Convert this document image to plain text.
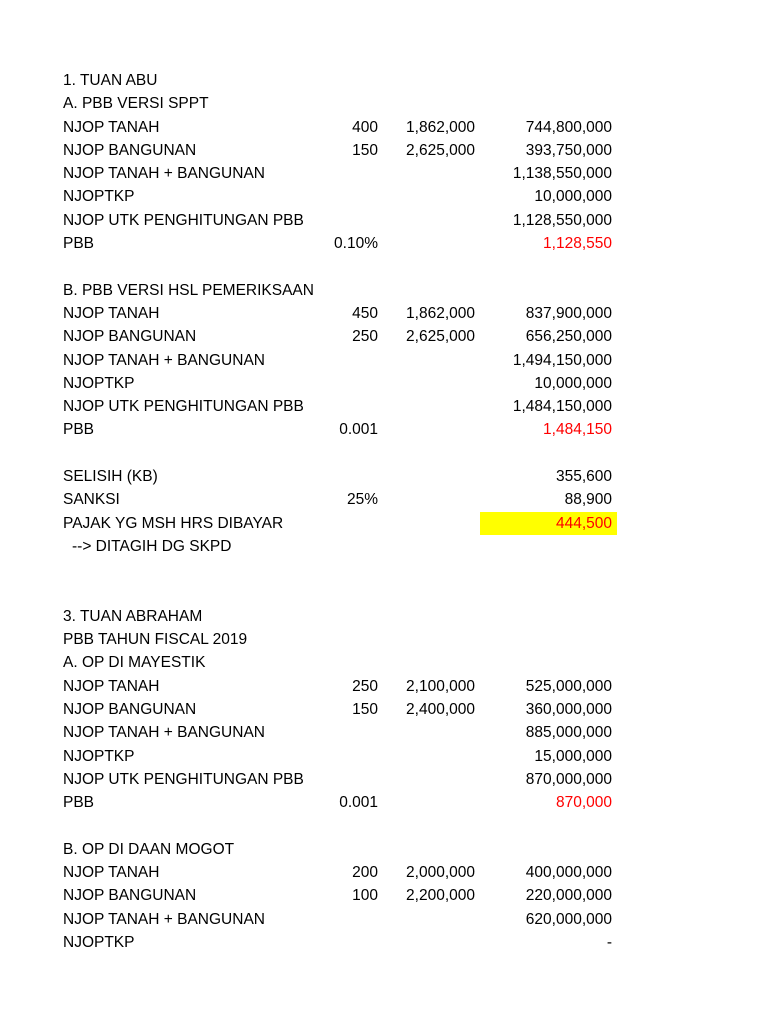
1. TUAN ABU
A. PBB VERSI SPPT
NJOP TANAH	400 1,862,000	744,800,000
NJOP BANGUNAN	150 2,625,000	393,750,000
NJOP TANAH + BANGUNAN	1,138,550,000
NJOPTKP	10,000,000
NJOP UTK PENGHITUNGAN PBB	1,128,550,000
PBB	0.10%	1,128,550
B. PBB VERSI HSL PEMERIKSAAN
NJOP TANAH	450 1,862,000	837,900,000
NJOP BANGUNAN	250 2,625,000	656,250,000
NJOP TANAH + BANGUNAN	1,494,150,000
NJOPTKP	10,000,000
NJOP UTK PENGHITUNGAN PBB	1,484,150,000
PBB	0.001	1,484,150
SELISIH (KB)	355,600
SANKSI	25%	88,900
PAJAK YG MSH HRS DIBAYAR	444,500
--> DITAGIH DG SKPD
3. TUAN ABRAHAM
PBB TAHUN FISCAL 2019
A. OP DI MAYESTIK
NJOP TANAH	250 2,100,000	525,000,000
NJOP BANGUNAN	150 2,400,000	360,000,000
NJOP TANAH + BANGUNAN	885,000,000
NJOPTKP	15,000,000
NJOP UTK PENGHITUNGAN PBB	870,000,000
PBB	0.001	870,000
B. OP DI DAAN MOGOT
NJOP TANAH	200 2,000,000	400,000,000
NJOP BANGUNAN	100 2,200,000	220,000,000
NJOP TANAH + BANGUNAN	620,000,000
NJOPTKP	-
